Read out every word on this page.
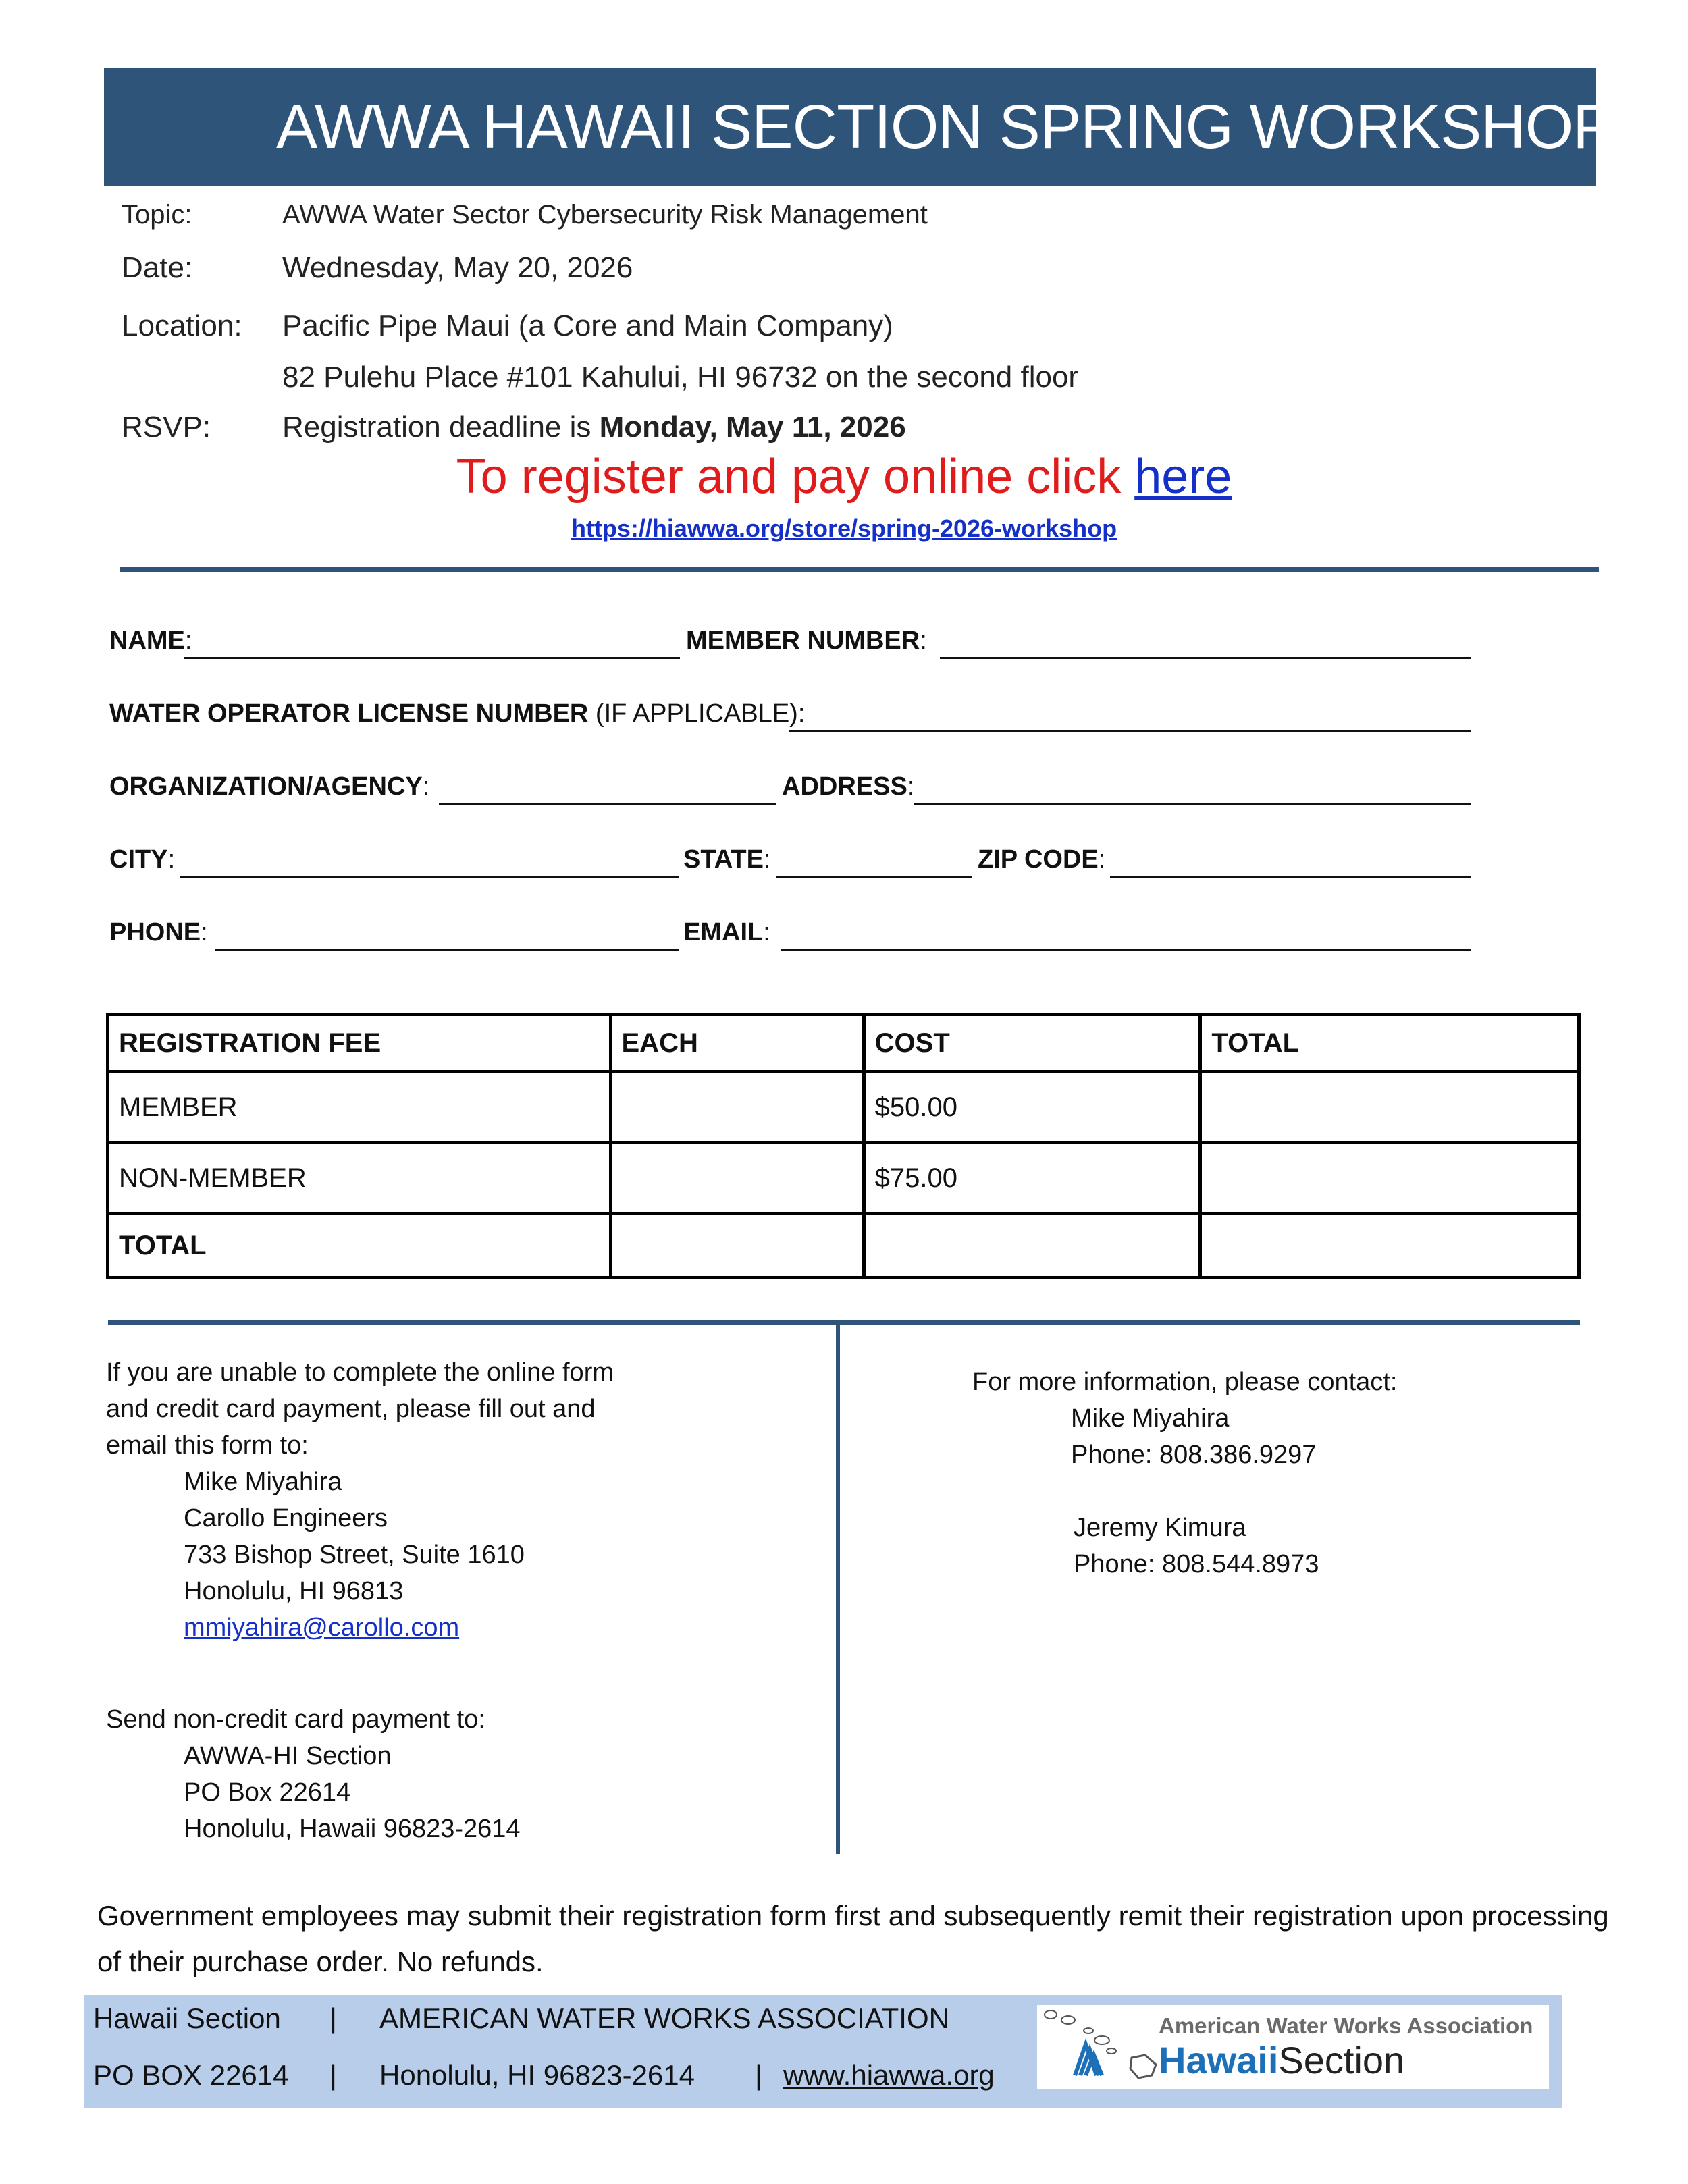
AWWA HAWAII SECTION SPRING WORKSHOP
Topic:	AWWA Water Sector Cybersecurity Risk Management
Date:	Wednesday, May 20, 2026
Location: Pacific Pipe Maui (a Core and Main Company)
82 Pulehu Place #101 Kahului, HI 96732 on the second floor
RSVP: Registration deadline is Monday, May 11, 2026
To register and pay online click here
https://hiawwa.org/store/spring-2026-workshop
NAME:	MEMBER NUMBER:
WATER OPERATOR LICENSE NUMBER (IF APPLICABLE):
ORGANIZATION/AGENCY:	ADDRESS:
CITY:	STATE:	ZIP CODE:
PHONE:	EMAIL:
REGISTRATION FEE	EACH	COST	TOTAL
MEMBER		$50.00	
NON-MEMBER		$75.00	
TOTAL			
If you are unable to complete the online form
and credit card payment, please fill out and
email this form to:
Mike Miyahira
Carollo Engineers
733 Bishop Street, Suite 1610
Honolulu, HI 96813
mmiyahira@carollo.com
Send non-credit card payment to:
AWWA-HI Section
PO Box 22614
Honolulu, Hawaii 96823-2614
For more information, please contact:
Mike Miyahira
Phone: 808.386.9297
Jeremy Kimura
Phone: 808.544.8973
Government employees may submit their registration form first and subsequently remit their registration upon processing of their purchase order. No refunds.
Hawaii Section | AMERICAN WATER WORKS ASSOCIATION
PO BOX 22614 | Honolulu, HI 96823-2614 | www.hiawwa.org
American Water Works Association
HawaiiSection
